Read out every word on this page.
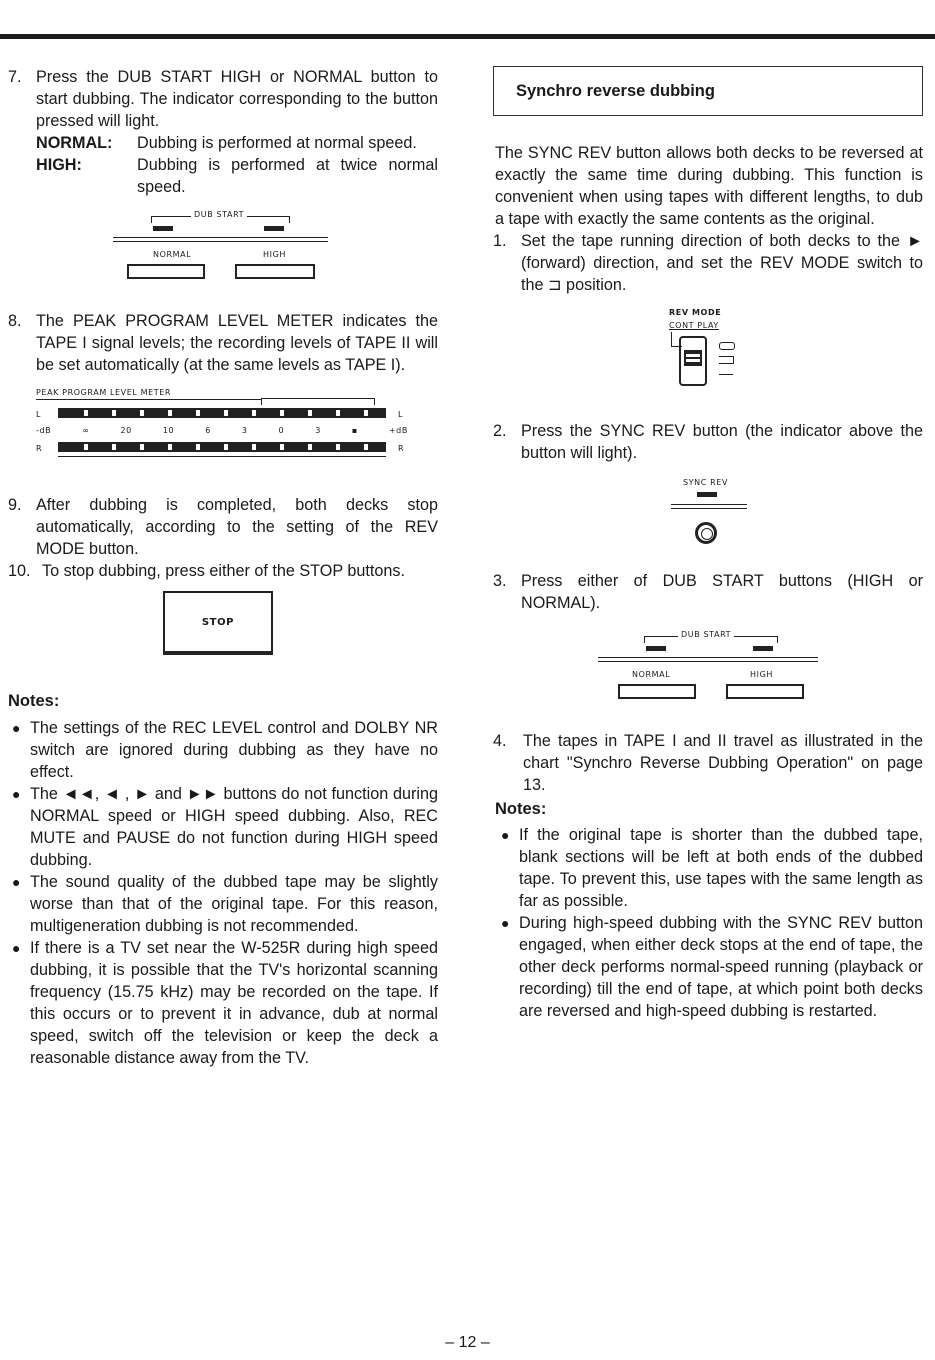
7. Press the DUB START HIGH or NORMAL button to start dubbing. The indicator corresponding to the button pressed will light.

NORMAL:	Dubbing is performed at normal speed.
HIGH:	Dubbing is performed at twice normal speed.
DUB START
NORMAL	HIGH
8. The PEAK PROGRAM LEVEL METER indicates the TAPE I signal levels; the recording levels of TAPE II will be set automatically (at the same levels as TAPE I).

PEAK PROGRAM LEVEL METER
L	L
-dB	∞	20	10	6	3	0	3	▪	+dB
R	R
9. After dubbing is completed, both decks stop automatically, according to the setting of the REV MODE button.

10. To stop dubbing, press either of the STOP buttons.

STOP

Notes:

● The settings of the REC LEVEL control and DOLBY NR switch are ignored during dubbing as they have no effect.
● The ◄◄, ◄ , ► and ►► buttons do not function during NORMAL speed or HIGH speed dubbing. Also, REC MUTE and PAUSE do not function during HIGH speed dubbing.
● The sound quality of the dubbed tape may be slightly worse than that of the original tape. For this reason, multigeneration dubbing is not recommended.
● If there is a TV set near the W-525R during high speed dubbing, it is possible that the TV's horizontal scanning frequency (15.75 kHz) may be recorded on the tape. If this occurs or to prevent it in advance, dub at normal speed, switch off the television or keep the deck a reasonable distance away from the TV.
Synchro reverse dubbing

The SYNC REV button allows both decks to be reversed at exactly the same time during dubbing. This function is convenient when using tapes with different lengths, to dub a tape with exactly the same contents as the original.

1. Set the tape running direction of both decks to the ► (forward) direction, and set the REV MODE switch to the ⊐ position.

REV MODE
CONT PLAY
2. Press the SYNC REV button (the indicator above the button will light).

SYNC REV
3. Press either of DUB START buttons (HIGH or NORMAL).

DUB START
NORMAL	HIGH
4. The tapes in TAPE I and II travel as illustrated in the chart "Synchro Reverse Dubbing Operation" on page 13.

Notes:

● If the original tape is shorter than the dubbed tape, blank sections will be left at both ends of the dubbed tape. To prevent this, use tapes with the same length as far as possible.
● During high-speed dubbing with the SYNC REV button engaged, when either deck stops at the end of tape, the other deck performs normal-speed running (playback or recording) till the end of tape, at which point both decks are reversed and high-speed dubbing is restarted.
– 12 –
